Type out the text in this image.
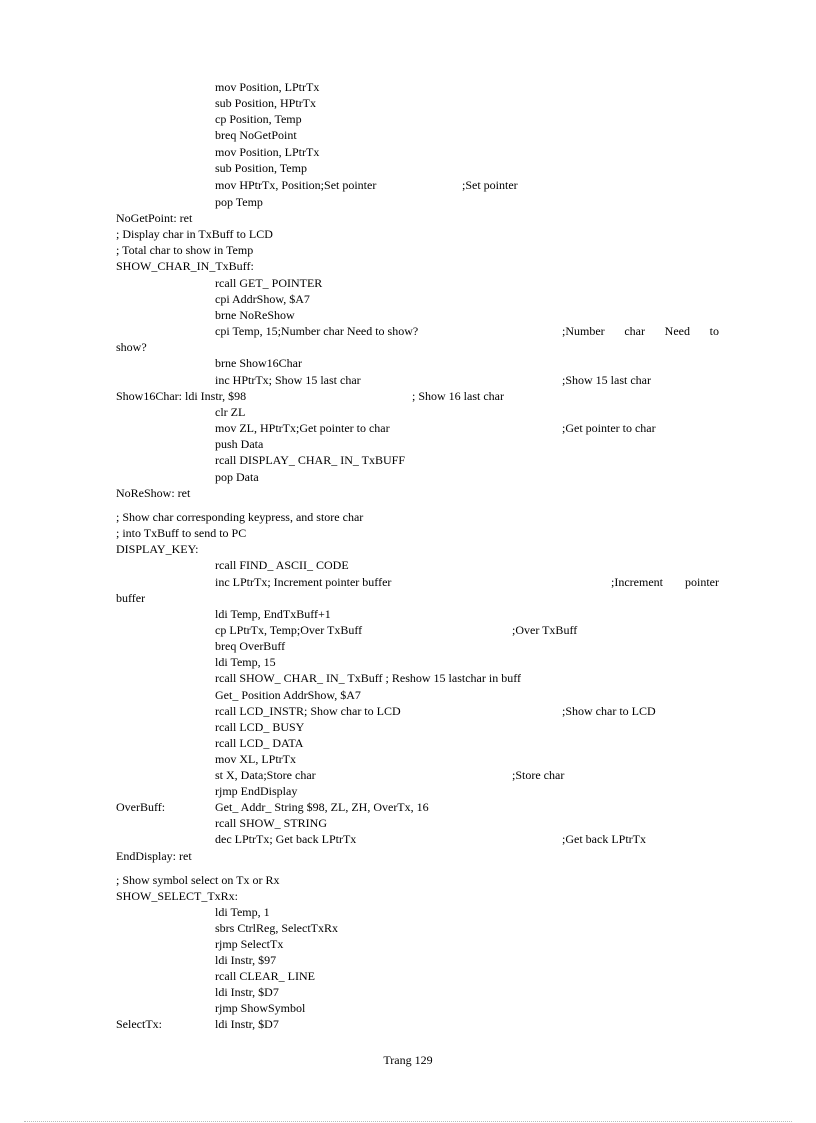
mov Position, LPtrTx
sub Position, HPtrTx
cp Position, Temp
breq NoGetPoint
mov Position, LPtrTx
sub Position, Temp
mov HPtrTx, Position;Set pointer	;Set pointer
pop Temp
NoGetPoint: ret
; Display char in TxBuff to LCD
; Total char to show in Temp
SHOW_CHAR_IN_TxBuff:
rcall GET_ POINTER
cpi AddrShow, $A7
brne NoReShow
cpi Temp, 15;Number char Need to show?	;Number char Need to
show?
brne Show16Char
inc HPtrTx; Show 15 last char	;Show 15 last char
Show16Char: ldi Instr, $98	; Show 16 last char
clr ZL
mov ZL, HPtrTx;Get pointer to char	;Get pointer to char
push Data
rcall DISPLAY_ CHAR_ IN_ TxBUFF
pop Data
NoReShow: ret
; Show char corresponding keypress, and store char
; into TxBuff to send to PC
DISPLAY_KEY:
rcall FIND_ ASCII_ CODE
inc LPtrTx; Increment pointer buffer	;Increment pointer
buffer
ldi Temp, EndTxBuff+1
cp LPtrTx, Temp;Over TxBuff	;Over TxBuff
breq OverBuff
ldi Temp, 15
rcall SHOW_ CHAR_ IN_ TxBuff ; Reshow 15 lastchar in buff
Get_ Position AddrShow, $A7
rcall LCD_INSTR; Show char to LCD	;Show char to LCD
rcall LCD_ BUSY
rcall LCD_ DATA
mov XL, LPtrTx
st X, Data;Store char	;Store char
rjmp EndDisplay
OverBuff:	Get_ Addr_ String $98, ZL, ZH, OverTx, 16
rcall SHOW_ STRING
dec LPtrTx; Get back LPtrTx	;Get back LPtrTx
EndDisplay: ret
; Show symbol select on Tx or Rx
SHOW_SELECT_TxRx:
ldi Temp, 1
sbrs CtrlReg, SelectTxRx
rjmp SelectTx
ldi Instr, $97
rcall CLEAR_ LINE
ldi Instr, $D7
rjmp ShowSymbol
SelectTx:	ldi Instr, $D7
Trang 129
